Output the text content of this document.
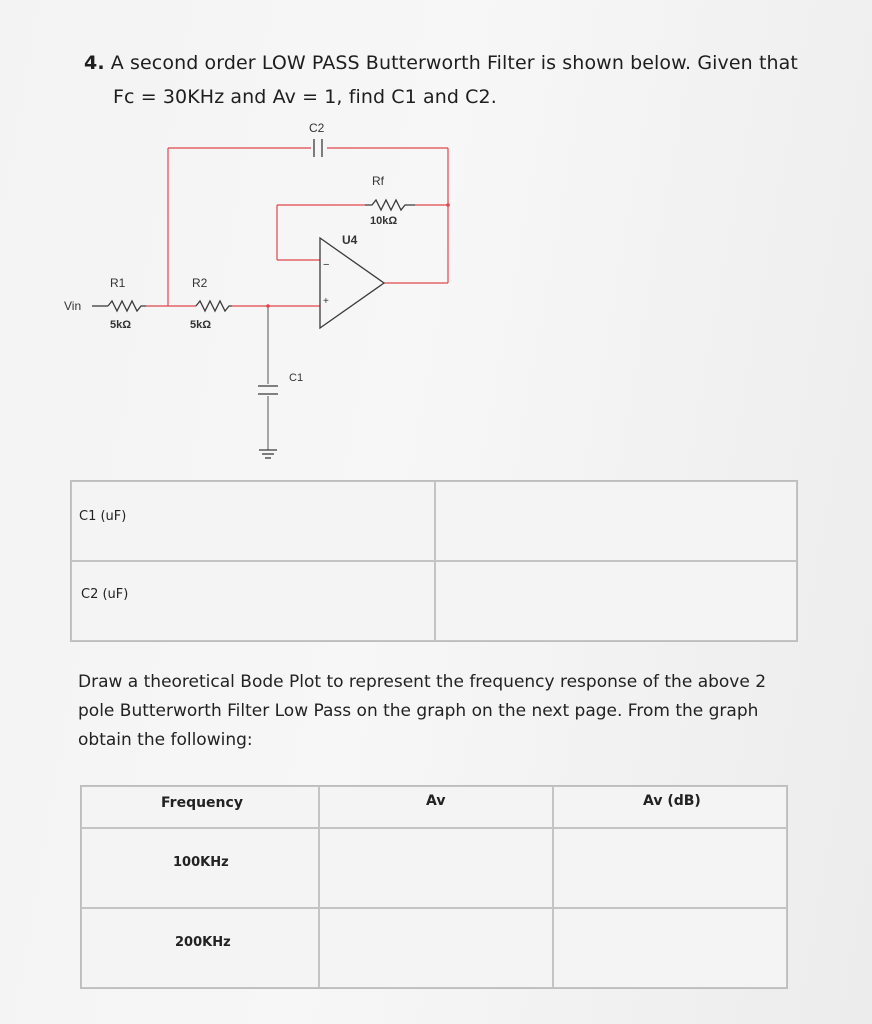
4. A second order LOW PASS Butterworth Filter is shown below. Given that
Fc = 30KHz and Av = 1, find C1 and C2.
C2
Rf
10kΩ
U4
−
+
R1	R2
Vin
5kΩ	5kΩ
C1
C1 (uF)
C2 (uF)
Draw a theoretical Bode Plot to represent the frequency response of the above 2 pole Butterworth Filter Low Pass on the graph on the next page. From the graph obtain the following:
Frequency	Av	Av (dB)
100KHz
200KHz
